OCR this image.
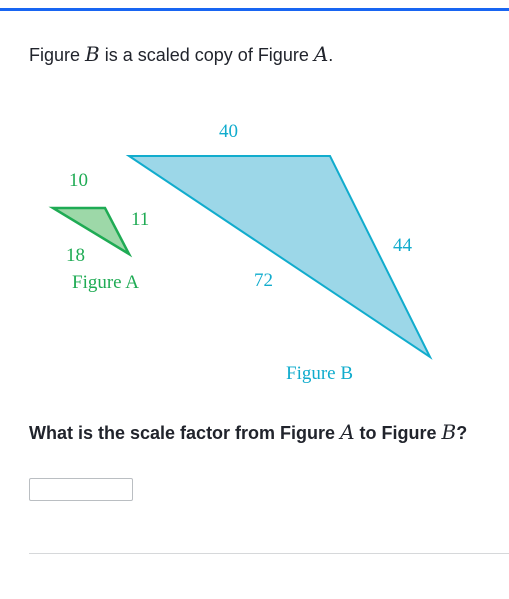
Figure B is a scaled copy of Figure A.
10
11
18
Figure A
40
44
72
Figure B
What is the scale factor from Figure A to Figure B?
